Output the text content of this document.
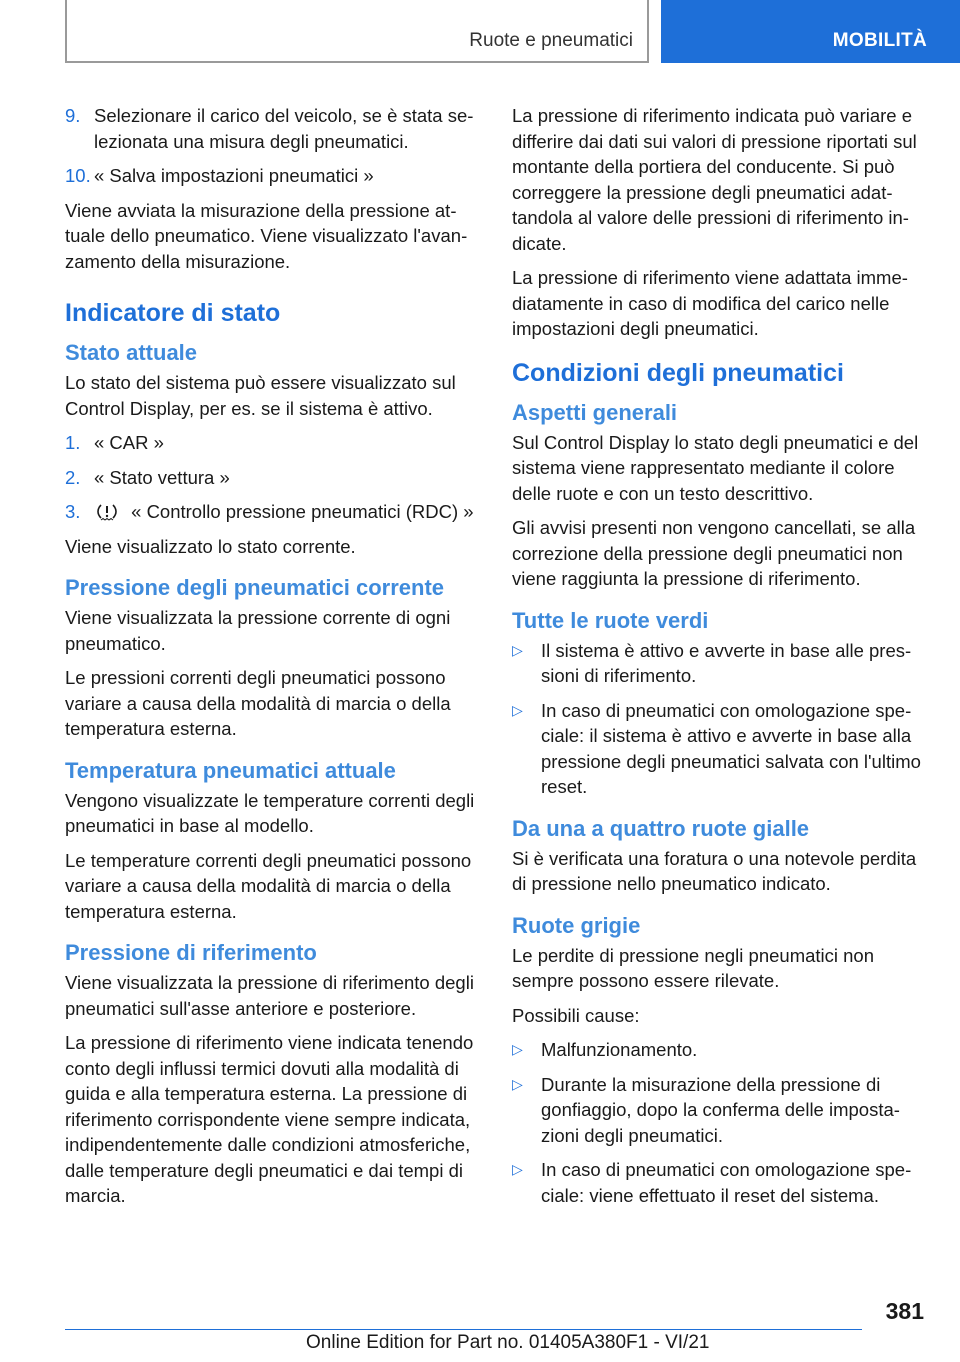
Ruote e pneumatici	MOBILITÀ
9. Selezionare il carico del veicolo, se è stata selezionata una misura degli pneumatici.
10. « Salva impostazioni pneumatici »

Viene avviata la misurazione della pressione attuale dello pneumatico. Viene visualizzato l'avanzamento della misurazione.

Indicatore di stato
Stato attuale

Lo stato del sistema può essere visualizzato sul Control Display, per es. se il sistema è attivo.

1. « CAR »
2. « Stato vettura »
3.	« Controllo pressione pneumatici (RDC) »

Viene visualizzato lo stato corrente.

Pressione degli pneumatici corrente

Viene visualizzata la pressione corrente di ogni pneumatico.

Le pressioni correnti degli pneumatici possono variare a causa della modalità di marcia o della temperatura esterna.

Temperatura pneumatici attuale

Vengono visualizzate le temperature correnti degli pneumatici in base al modello.

Le temperature correnti degli pneumatici possono variare a causa della modalità di marcia o della temperatura esterna.

Pressione di riferimento

Viene visualizzata la pressione di riferimento degli pneumatici sull'asse anteriore e posteriore.

La pressione di riferimento viene indicata tenendo conto degli influssi termici dovuti alla modalità di guida e alla temperatura esterna. La pressione di riferimento corrispondente viene sempre indicata, indipendentemente dalle condizioni atmosferiche, dalle temperature degli pneumatici e dai tempi di marcia.

La pressione di riferimento indicata può variare e differire dai dati sui valori di pressione riportati sul montante della portiera del conducente. Si può correggere la pressione degli pneumatici adattandola al valore delle pressioni di riferimento indicate.

La pressione di riferimento viene adattata immediatamente in caso di modifica del carico nelle impostazioni degli pneumatici.

Condizioni degli pneumatici
Aspetti generali

Sul Control Display lo stato degli pneumatici e del sistema viene rappresentato mediante il colore delle ruote e con un testo descrittivo.

Gli avvisi presenti non vengono cancellati, se alla correzione della pressione degli pneumatici non viene raggiunta la pressione di riferimento.

Tutte le ruote verdi
▷ Il sistema è attivo e avverte in base alle pressioni di riferimento.
▷ In caso di pneumatici con omologazione speciale: il sistema è attivo e avverte in base alla pressione degli pneumatici salvata con l'ultimo reset.
Da una a quattro ruote gialle

Si è verificata una foratura o una notevole perdita di pressione nello pneumatico indicato.

Ruote grigie

Le perdite di pressione negli pneumatici non sempre possono essere rilevate.

Possibili cause:

▷ Malfunzionamento.
▷ Durante la misurazione della pressione di gonfiaggio, dopo la conferma delle impostazioni degli pneumatici.
▷ In caso di pneumatici con omologazione speciale: viene effettuato il reset del sistema.
381
Online Edition for Part no. 01405A380F1 - VI/21
